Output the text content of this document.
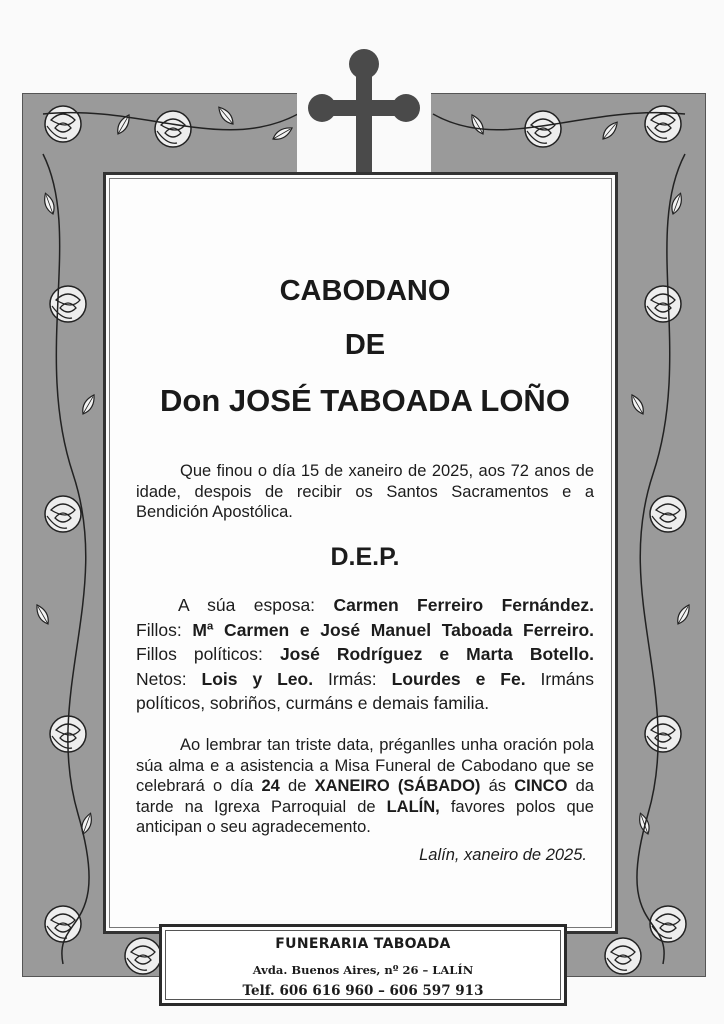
CABODANO
DE
Don JOSÉ TABOADA LOÑO
Que finou o día 15 de xaneiro de 2025, aos 72 anos de idade, despois de recibir os Santos Sacramentos e a Bendición Apostólica.
D.E.P.
A súa esposa: Carmen Ferreiro Fernández.
Fillos: Mª Carmen e José Manuel Taboada Ferreiro.
Fillos políticos: José Rodríguez e Marta Botello.
Netos: Lois y Leo. Irmás: Lourdes e Fe. Irmáns
políticos, sobriños, curmáns e demais familia.
Ao lembrar tan triste data, préganlles unha oración pola súa alma e a asistencia a Misa Funeral de Cabodano que se celebrará o día 24 de XANEIRO (SÁBADO) ás CINCO da tarde na Igrexa Parroquial de LALÍN, favores polos que anticipan o seu agradecemento.
Lalín, xaneiro de 2025.
FUNERARIA TABOADA
Avda. Buenos Aires, nº 26 – LALÍN
Telf. 606 616 960 – 606 597 913
